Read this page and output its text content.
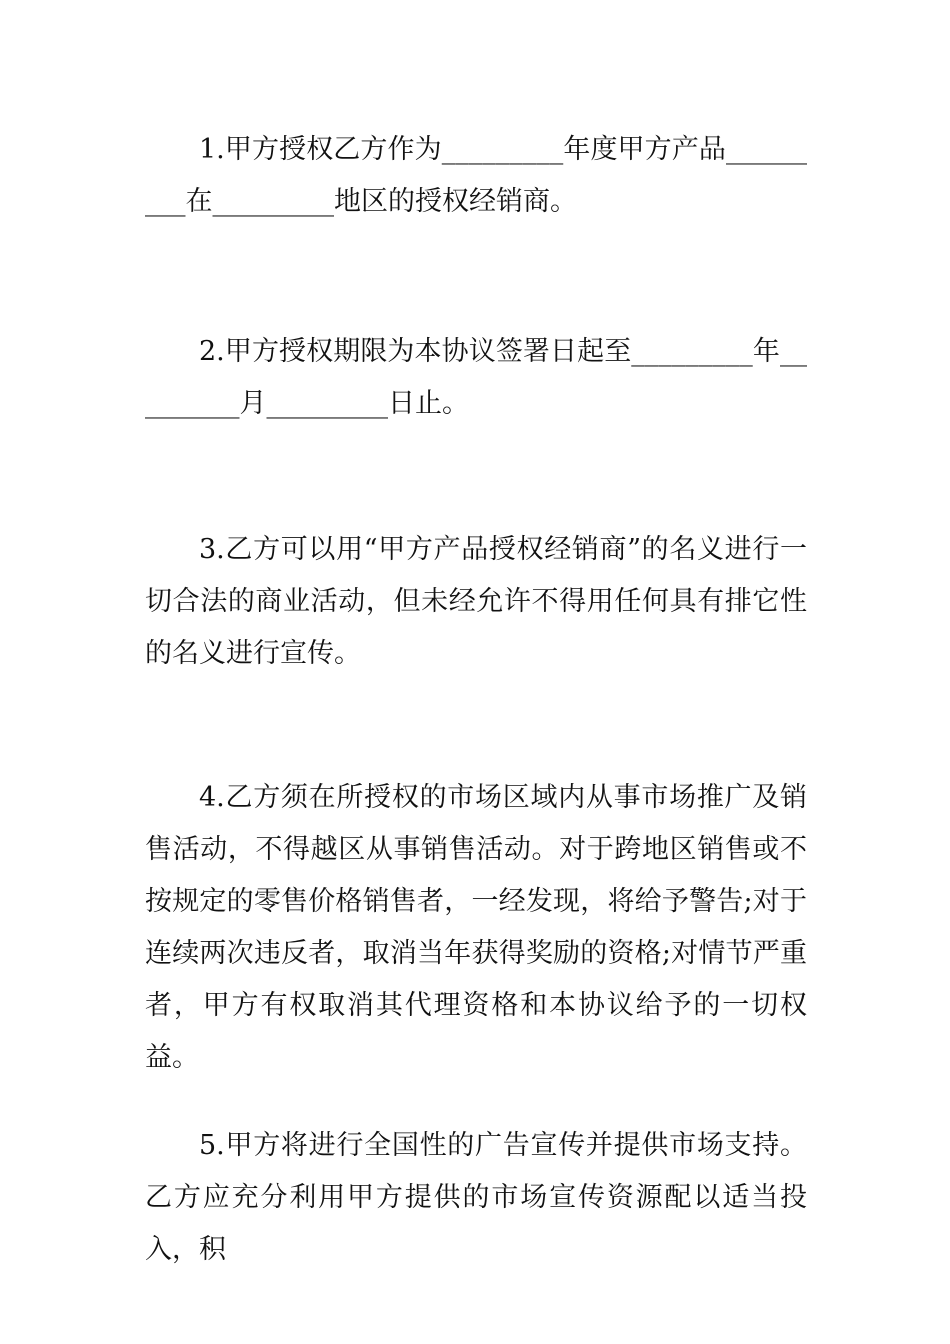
1.甲方授权乙方作为_________年度甲方产品_________在_________地区的授权经销商。

2.甲方授权期限为本协议签署日起至_________年_________月_________日止。

3.乙方可以用“甲方产品授权经销商”的名义进行一切合法的商业活动，但未经允许不得用任何具有排它性的名义进行宣传。

4.乙方须在所授权的市场区域内从事市场推广及销售活动，不得越区从事销售活动。对于跨地区销售或不按规定的零售价格销售者，一经发现，将给予警告;对于连续两次违反者，取消当年获得奖励的资格;对情节严重者，甲方有权取消其代理资格和本协议给予的一切权益。

5.甲方将进行全国性的广告宣传并提供市场支持。乙方应充分利用甲方提供的市场宣传资源配以适当投入，积
